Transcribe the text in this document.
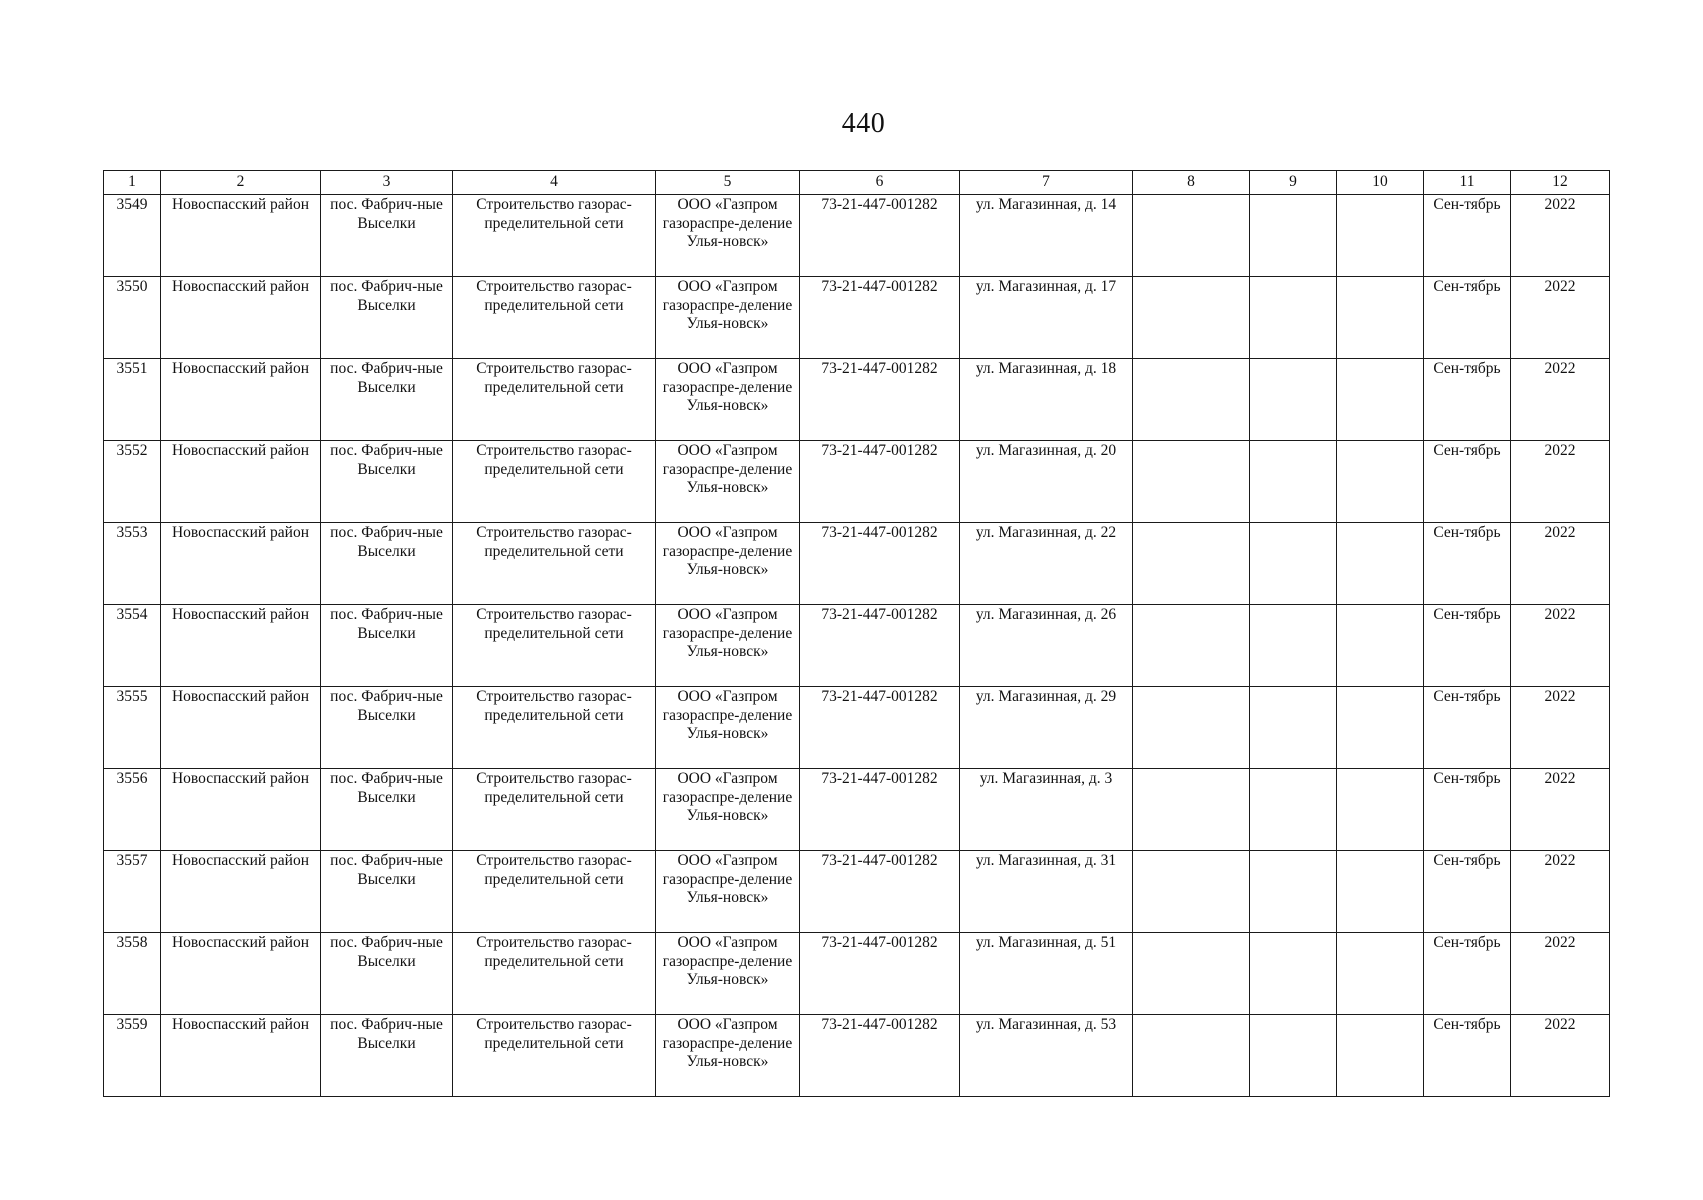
440
1	2	3	4	5	6	7	8	9	10	11	12
3549	Новоспасский район	пос. Фабрич-ные Выселки	Строительство газорас-пределительной сети	ООО «Газпром газораспре-деление Улья-новск»	73-21-447-001282	ул. Магазинная, д. 14				Сен-тябрь	2022
3550	Новоспасский район	пос. Фабрич-ные Выселки	Строительство газорас-пределительной сети	ООО «Газпром газораспре-деление Улья-новск»	73-21-447-001282	ул. Магазинная, д. 17				Сен-тябрь	2022
3551	Новоспасский район	пос. Фабрич-ные Выселки	Строительство газорас-пределительной сети	ООО «Газпром газораспре-деление Улья-новск»	73-21-447-001282	ул. Магазинная, д. 18				Сен-тябрь	2022
3552	Новоспасский район	пос. Фабрич-ные Выселки	Строительство газорас-пределительной сети	ООО «Газпром газораспре-деление Улья-новск»	73-21-447-001282	ул. Магазинная, д. 20				Сен-тябрь	2022
3553	Новоспасский район	пос. Фабрич-ные Выселки	Строительство газорас-пределительной сети	ООО «Газпром газораспре-деление Улья-новск»	73-21-447-001282	ул. Магазинная, д. 22				Сен-тябрь	2022
3554	Новоспасский район	пос. Фабрич-ные Выселки	Строительство газорас-пределительной сети	ООО «Газпром газораспре-деление Улья-новск»	73-21-447-001282	ул. Магазинная, д. 26				Сен-тябрь	2022
3555	Новоспасский район	пос. Фабрич-ные Выселки	Строительство газорас-пределительной сети	ООО «Газпром газораспре-деление Улья-новск»	73-21-447-001282	ул. Магазинная, д. 29				Сен-тябрь	2022
3556	Новоспасский район	пос. Фабрич-ные Выселки	Строительство газорас-пределительной сети	ООО «Газпром газораспре-деление Улья-новск»	73-21-447-001282	ул. Магазинная, д. 3				Сен-тябрь	2022
3557	Новоспасский район	пос. Фабрич-ные Выселки	Строительство газорас-пределительной сети	ООО «Газпром газораспре-деление Улья-новск»	73-21-447-001282	ул. Магазинная, д. 31				Сен-тябрь	2022
3558	Новоспасский район	пос. Фабрич-ные Выселки	Строительство газорас-пределительной сети	ООО «Газпром газораспре-деление Улья-новск»	73-21-447-001282	ул. Магазинная, д. 51				Сен-тябрь	2022
3559	Новоспасский район	пос. Фабрич-ные Выселки	Строительство газорас-пределительной сети	ООО «Газпром газораспре-деление Улья-новск»	73-21-447-001282	ул. Магазинная, д. 53				Сен-тябрь	2022
